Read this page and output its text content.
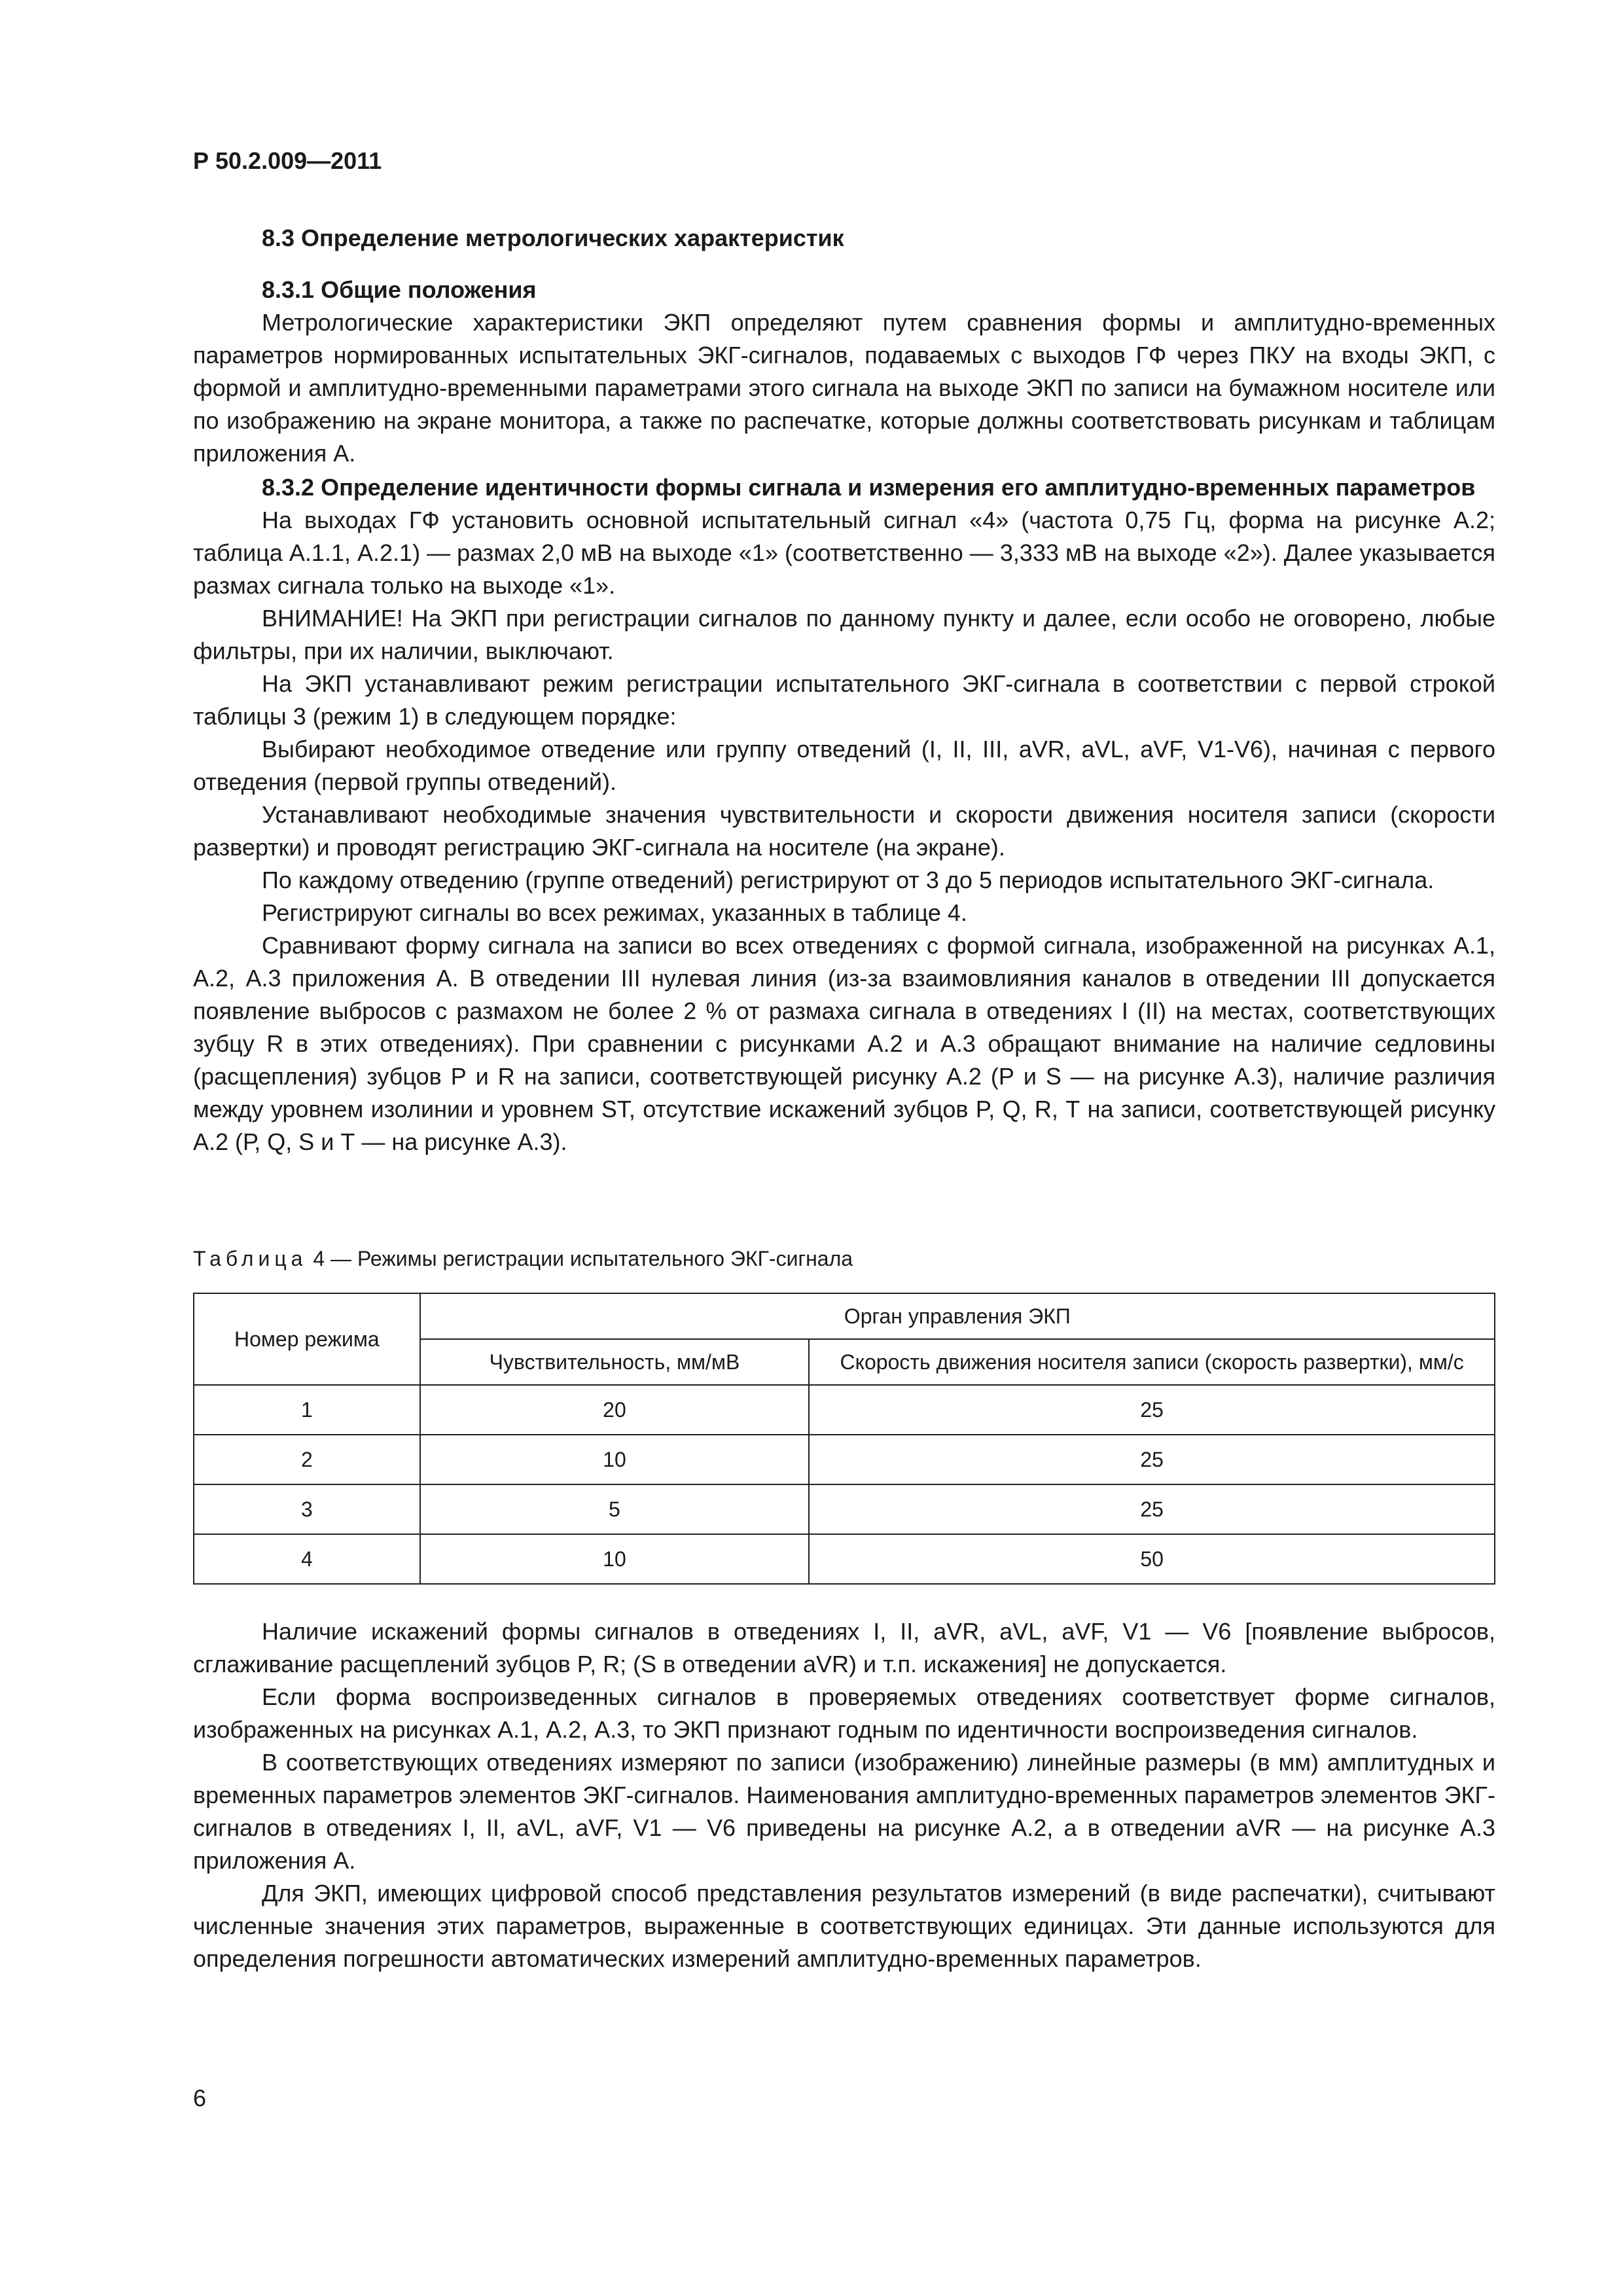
Р 50.2.009—2011
8.3 Определение метрологических характеристик

8.3.1 Общие положения

Метрологические характеристики ЭКП определяют путем сравнения формы и амплитудно-временных параметров нормированных испытательных ЭКГ-сигналов, подаваемых с выходов ГФ через ПКУ на входы ЭКП, с формой и амплитудно-временными параметрами этого сигнала на выходе ЭКП по записи на бумажном носителе или по изображению на экране монитора, а также по распечатке, которые должны соответствовать рисункам и таблицам приложения А.

8.3.2 Определение идентичности формы сигнала и измерения его амплитудно-временных параметров

На выходах ГФ установить основной испытательный сигнал «4» (частота 0,75 Гц, форма на рисунке А.2; таблица А.1.1, А.2.1) — размах 2,0 мВ на выходе «1» (соответственно — 3,333 мВ на выходе «2»). Далее указывается размах сигнала только на выходе «1».

ВНИМАНИЕ! На ЭКП при регистрации сигналов по данному пункту и далее, если особо не оговорено, любые фильтры, при их наличии, выключают.

На ЭКП устанавливают режим регистрации испытательного ЭКГ-сигнала в соответствии с первой строкой таблицы 3 (режим 1) в следующем порядке:

Выбирают необходимое отведение или группу отведений (I, II, III, aVR, aVL, aVF, V1-V6), начиная с первого отведения (первой группы отведений).

Устанавливают необходимые значения чувствительности и скорости движения носителя записи (скорости развертки) и проводят регистрацию ЭКГ-сигнала на носителе (на экране).

По каждому отведению (группе отведений) регистрируют от 3 до 5 периодов испытательного ЭКГ-сигнала.

Регистрируют сигналы во всех режимах, указанных в таблице 4.

Сравнивают форму сигнала на записи во всех отведениях с формой сигнала, изображенной на рисунках А.1, А.2, А.3 приложения А. В отведении III нулевая линия (из-за взаимовлияния каналов в отведении III допускается появление выбросов с размахом не более 2 % от размаха сигнала в отведениях I (II) на местах, соответствующих зубцу R в этих отведениях). При сравнении с рисунками А.2 и А.3 обращают внимание на наличие седловины (расщепления) зубцов Р и R на записи, соответствующей рисунку А.2 (Р и S — на рисунке А.3), наличие различия между уровнем изолинии и уровнем ST, отсутствие искажений зубцов P, Q, R, Т на записи, соответствующей рисунку А.2 (Р, Q, S и Т — на рисунке А.3).

Таблица 4 — Режимы регистрации испытательного ЭКГ-сигнала
Номер режима	Орган управления ЭКП	
	Чувствительность, мм/мВ	Скорость движения носителя записи (скорость развертки), мм/с
1	20	25
2	10	25
3	5	25
4	10	50

Наличие искажений формы сигналов в отведениях I, II, aVR, aVL, aVF, V1 — V6 [появление выбросов, сглаживание расщеплений зубцов P, R; (S в отведении aVR) и т.п. искажения] не допускается.

Если форма воспроизведенных сигналов в проверяемых отведениях соответствует форме сигналов, изображенных на рисунках А.1, А.2, А.3, то ЭКП признают годным по идентичности воспроизведения сигналов.

В соответствующих отведениях измеряют по записи (изображению) линейные размеры (в мм) амплитудных и временных параметров элементов ЭКГ-сигналов. Наименования амплитудно-временных параметров элементов ЭКГ-сигналов в отведениях I, II, aVL, aVF, V1 — V6 приведены на рисунке А.2, а в отведении aVR — на рисунке А.3 приложения А.

Для ЭКП, имеющих цифровой способ представления результатов измерений (в виде распечатки), считывают численные значения этих параметров, выраженные в соответствующих единицах. Эти данные используются для определения погрешности автоматических измерений амплитудно-временных параметров.

6
